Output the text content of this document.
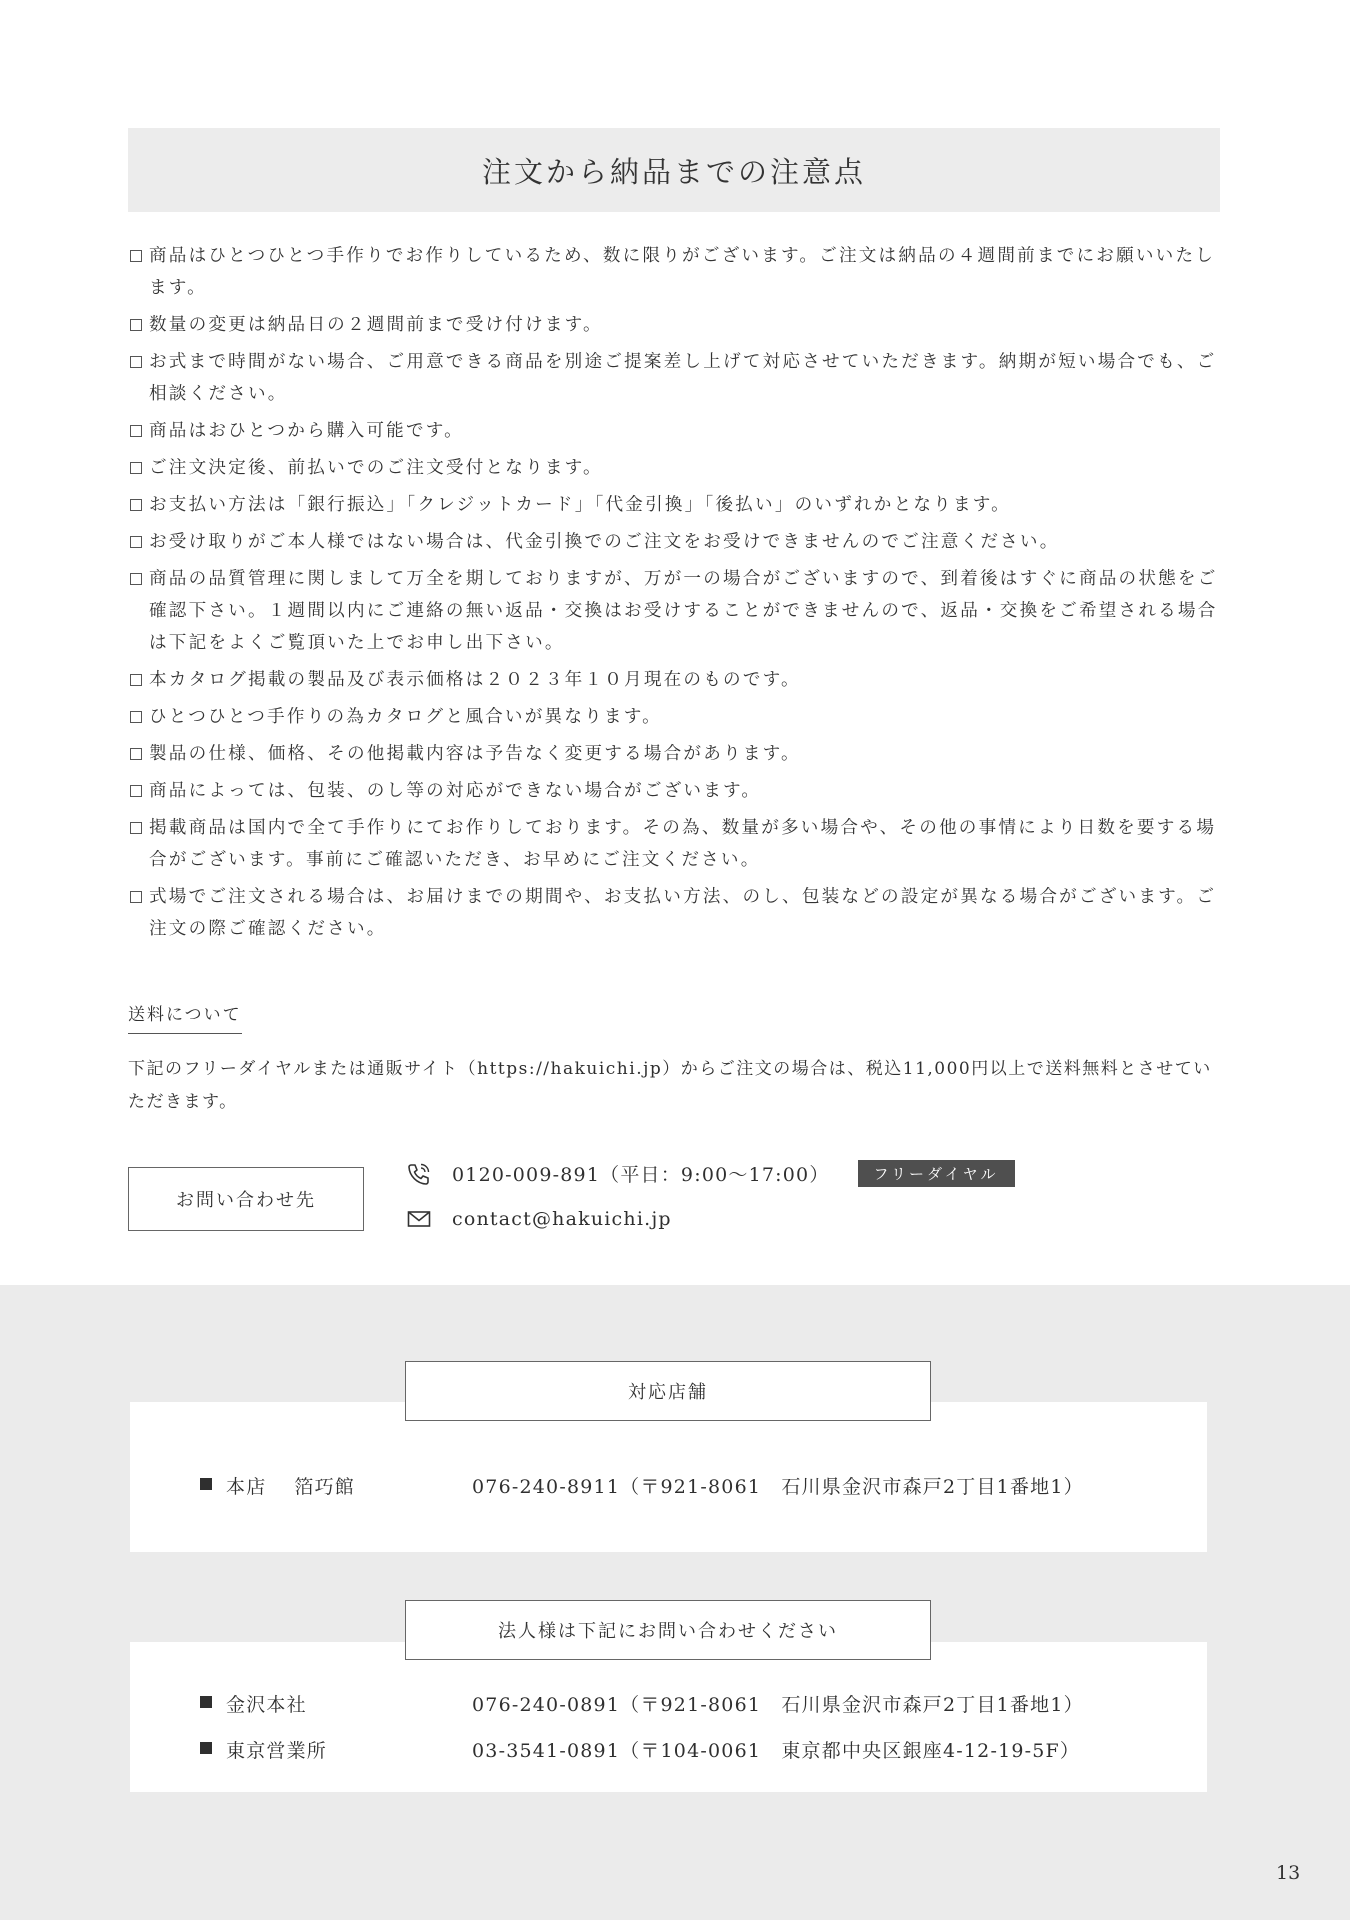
注文から納品までの注意点
商品はひとつひとつ手作りでお作りしているため、数に限りがございます。ご注文は納品の４週間前までにお願いいたします。
数量の変更は納品日の２週間前まで受け付けます。
お式まで時間がない場合、ご用意できる商品を別途ご提案差し上げて対応させていただきます。納期が短い場合でも、ご相談ください。
商品はおひとつから購入可能です。
ご注文決定後、前払いでのご注文受付となります。
お支払い方法は「銀行振込」「クレジットカード」「代金引換」「後払い」のいずれかとなります。
お受け取りがご本人様ではない場合は、代金引換でのご注文をお受けできませんのでご注意ください。
商品の品質管理に関しまして万全を期しておりますが、万が一の場合がございますので、到着後はすぐに商品の状態をご確認下さい。１週間以内にご連絡の無い返品・交換はお受けすることができませんので、返品・交換をご希望される場合は下記をよくご覧頂いた上でお申し出下さい。
本カタログ掲載の製品及び表示価格は２０２３年１０月現在のものです。
ひとつひとつ手作りの為カタログと風合いが異なります。
製品の仕様、価格、その他掲載内容は予告なく変更する場合があります。
商品によっては、包装、のし等の対応ができない場合がございます。
掲載商品は国内で全て手作りにてお作りしております。その為、数量が多い場合や、その他の事情により日数を要する場合がございます。事前にご確認いただき、お早めにご注文ください。
式場でご注文される場合は、お届けまでの期間や、お支払い方法、のし、包装などの設定が異なる場合がございます。ご注文の際ご確認ください。
送料について
下記のフリーダイヤルまたは通販サイト（https://hakuichi.jp）からご注文の場合は、税込11,000円以上で送料無料とさせていただきます。
お問い合わせ先
0120-009-891（平日：9:00〜17:00）	フリーダイヤル
contact@hakuichi.jp
対応店舗
本店 箔巧館	076-240-8911（〒921-8061　石川県金沢市森戸2丁目1番地1）
法人様は下記にお問い合わせください
金沢本社	076-240-0891（〒921-8061　石川県金沢市森戸2丁目1番地1）
東京営業所	03-3541-0891（〒104-0061　東京都中央区銀座4-12-19-5F）
13
